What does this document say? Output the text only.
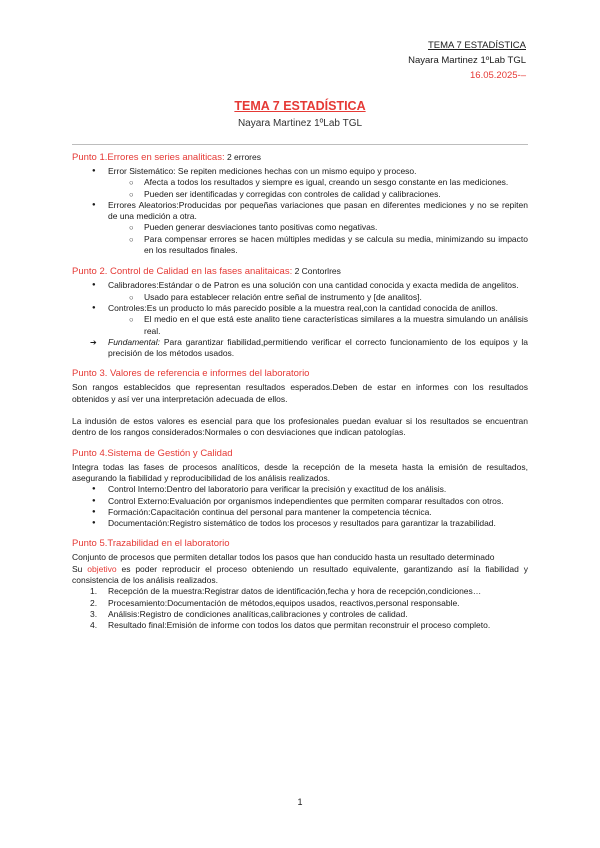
TEMA 7 ESTADÍSTICA
Nayara Martinez 1ºLab TGL
16.05.2025-–
TEMA 7 ESTADÍSTICA
Nayara Martinez 1ºLab TGL
Punto 1.Errores en series analiticas: 2 errores
● Error Sistemático: Se repiten mediciones hechas con un mismo equipo y proceso.
○ Afecta a todos los resultados y siempre es igual, creando un sesgo constante en las mediciones.
○ Pueden ser identificadas y corregidas con controles de calidad y calibraciones.
● Errores Aleatorios:Producidas por pequeñas variaciones que pasan en diferentes mediciones y no se repiten de una medición a otra.
○ Pueden generar desviaciones tanto positivas como negativas.
○ Para compensar errores se hacen múltiples medidas y se calcula su media, minimizando su impacto en los resultados finales.
Punto 2. Control de Calidad en las fases analitaicas: 2 Contorlres
● Calibradores:Estándar o de Patron es una solución con una cantidad conocida y exacta medida de angelitos.
○ Usado para establecer relación entre señal de instrumento y [de analitos].
● Controles:Es un producto lo más parecido posible a la muestra real,con la cantidad conocida de anillos.
○ El medio en el que está este analito tiene características similares a la muestra simulando un análisis real.
➔ Fundamental: Para garantizar fiabilidad,permitiendo verificar el correcto funcionamiento de los equipos y la precisión de los métodos usados.
Punto 3. Valores de referencia e informes del laboratorio
Son rangos establecidos que representan resultados esperados.Deben de estar en informes con los resultados obtenidos y así ver una interpretación adecuada de ellos.
La indusión de estos valores es esencial para que los profesionales puedan evaluar si los resultados se encuentran dentro de los rangos considerados:Normales o con desviaciones que indican patologías.
Punto 4.Sistema de Gestión y Calidad
Integra todas las fases de procesos analíticos, desde la recepción de la meseta hasta la emisión de resultados, asegurando la fiabilidad y reproducibilidad de los análisis realizados.
● Control Interno:Dentro del laboratorio para verificar la precisión y exactitud de los análisis.
● Control Externo:Evaluación por organismos independientes que permiten comparar resultados con otros.
● Formación:Capacitación continua del personal para mantener la competencia técnica.
● Documentación:Registro sistemático de todos los procesos y resultados para garantizar la trazabilidad.
Punto 5.Trazabilidad en el laboratorio
Conjunto de procesos que permiten detallar todos los pasos que han conducido hasta un resultado determinado
Su objetivo es poder reproducir el proceso obteniendo un resultado equivalente, garantizando así la fiabilidad y consistencia de los análisis realizados.
1. Recepción de la muestra:Registrar datos de identificación,fecha y hora de recepción,condiciones…
2. Procesamiento:Documentación de métodos,equipos usados, reactivos,personal responsable.
3. Análisis:Registro de condiciones analíticas,calibraciones y controles de calidad.
4. Resultado final:Emisión de informe con todos los datos que permitan reconstruir el proceso completo.
1
